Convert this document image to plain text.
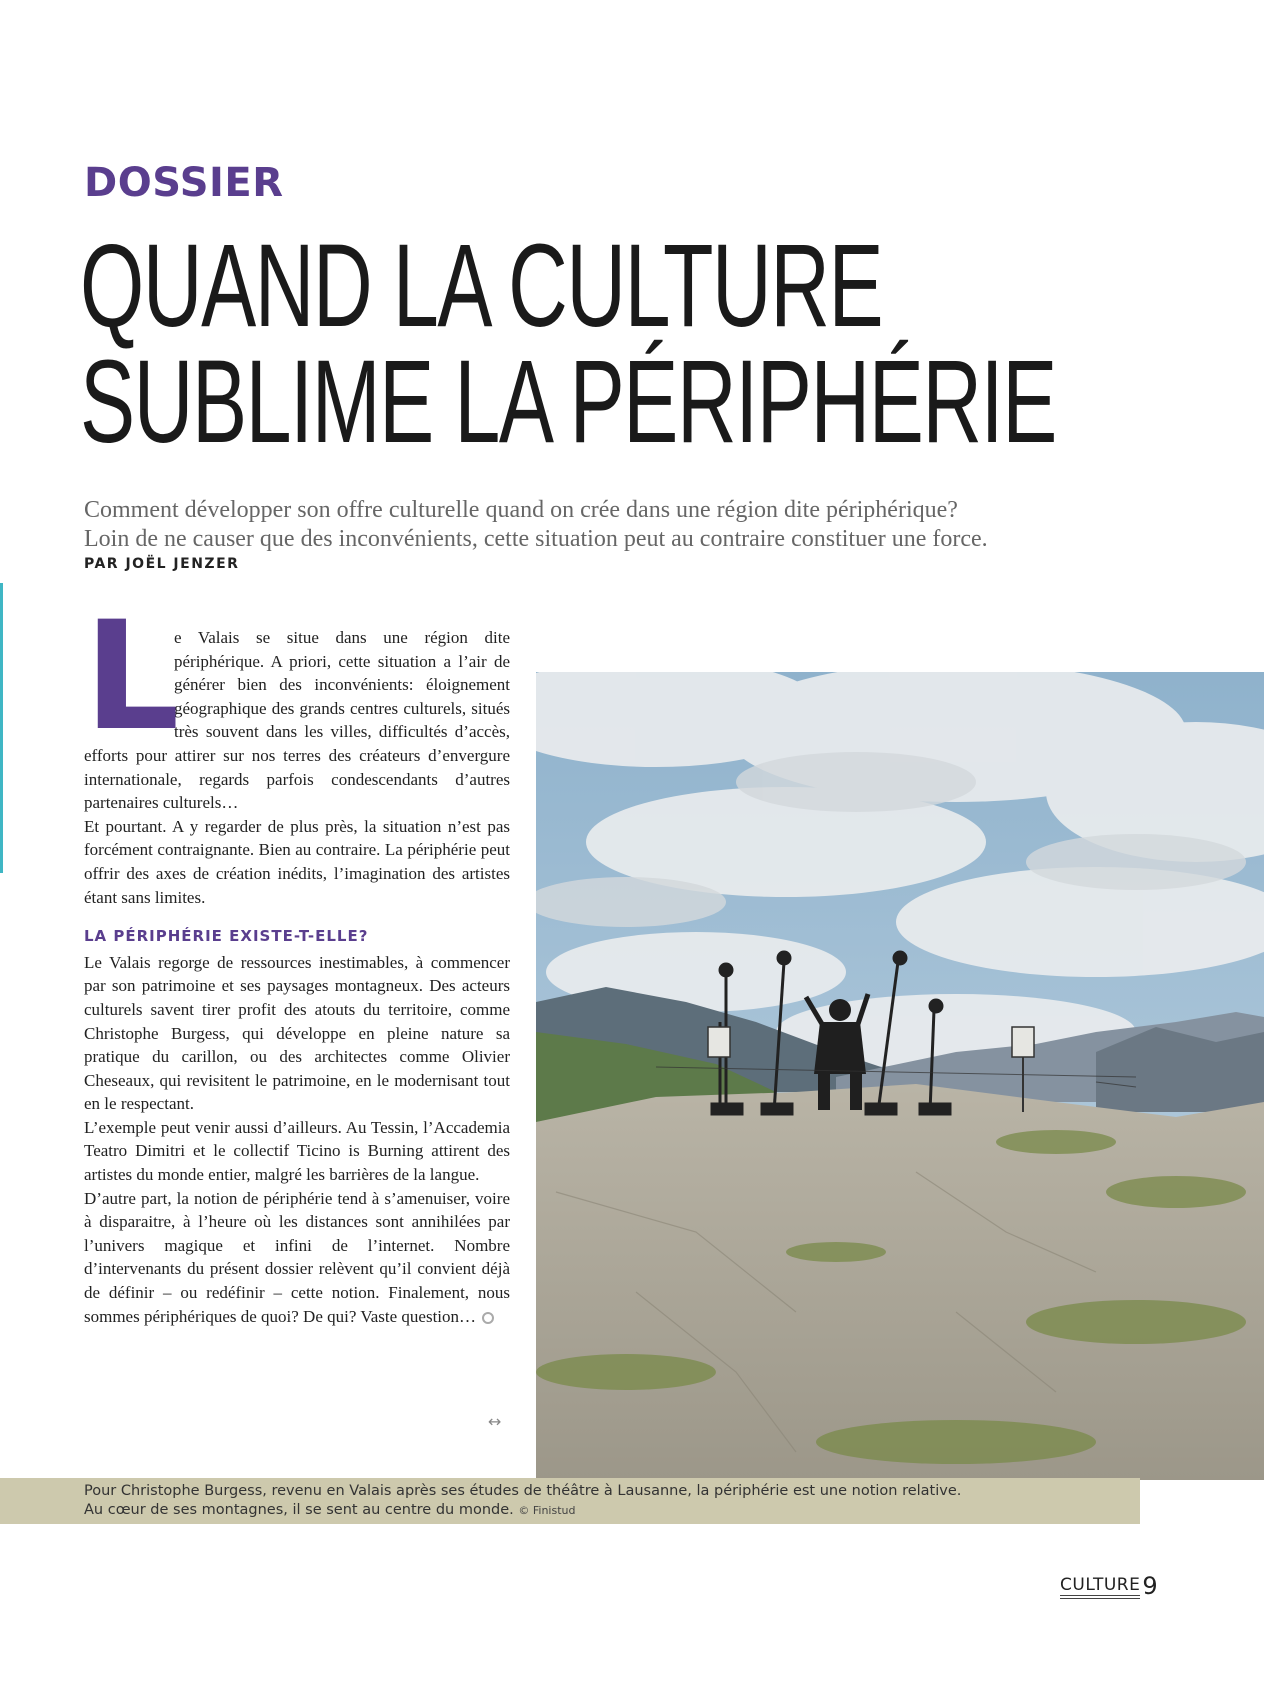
DOSSIER
QUAND LA CULTURE
SUBLIME LA PÉRIPHÉRIE
Comment développer son offre culturelle quand on crée dans une région dite périphérique?
Loin de ne causer que des inconvénients, cette situation peut au contraire constituer une force.
PAR JOËL JENZER
L

e Valais se situe dans une région dite périphérique. A priori, cette situation a l’air de générer bien des inconvénients: éloignement géographique des grands centres culturels, situés très souvent dans les villes, difficultés d’accès, efforts pour attirer sur nos terres des créateurs d’envergure internationale, regards parfois condescendants d’autres partenaires culturels…

Et pourtant. A y regarder de plus près, la situation n’est pas forcément contraignante. Bien au contraire. La périphérie peut offrir des axes de création inédits, l’imagination des artistes étant sans limites.

LA PÉRIPHÉRIE EXISTE-T-ELLE?

Le Valais regorge de ressources inestimables, à commencer par son patrimoine et ses paysages montagneux. Des acteurs culturels savent tirer profit des atouts du territoire, comme Christophe Burgess, qui développe en pleine nature sa pratique du carillon, ou des architectes comme Olivier Cheseaux, qui revisitent le patrimoine, en le modernisant tout en le respectant.

L’exemple peut venir aussi d’ailleurs. Au Tessin, l’Accademia Teatro Dimitri et le collectif Ticino is Burning attirent des artistes du monde entier, malgré les barrières de la langue.

D’autre part, la notion de périphérie tend à s’amenuiser, voire à disparaitre, à l’heure où les distances sont annihilées par l’univers magique et infini de l’internet. Nombre d’intervenants du présent dossier relèvent qu’il convient déjà de définir – ou redéfinir – cette notion. Finalement, nous sommes périphériques de quoi? De qui? Vaste question…

↔
Pour Christophe Burgess, revenu en Valais après ses études de théâtre à Lausanne, la périphérie est une notion relative.
Au cœur de ses montagnes, il se sent au centre du monde. © Finistud
CULTURE9
